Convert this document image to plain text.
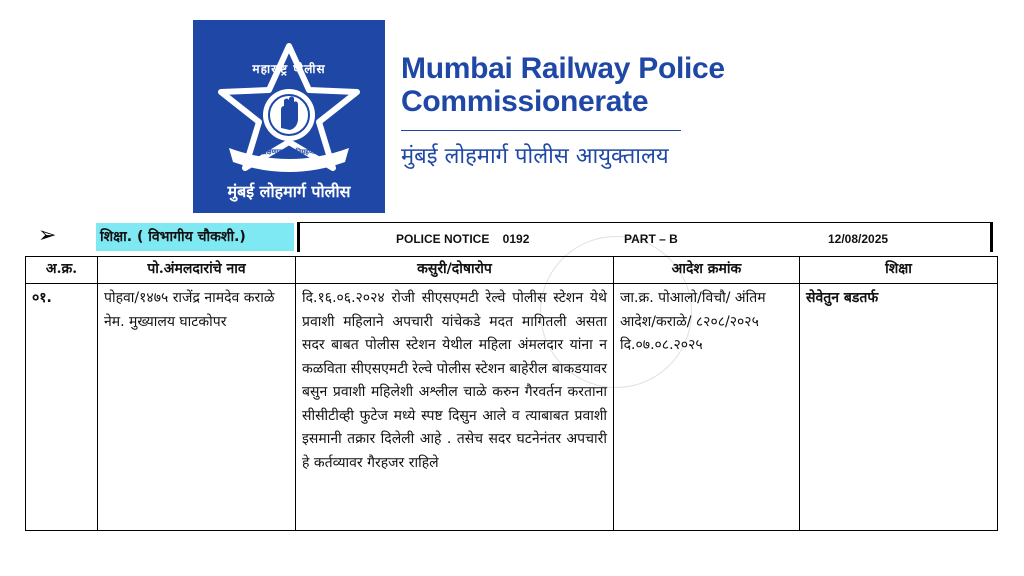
महाराष्ट्र पोलीस
सद्रक्षणाय खलनिग्रहणाय
मुंबई लोहमार्ग पोलीस
Mumbai Railway Police
Commissionerate
मुंबई लोहमार्ग पोलीस आयुक्तालय
➢	शिक्षा. ( विभागीय चौकशी.)	POLICE NOTICE    0192	PART – B	12/08/2025
अ.क्र.	पो.अंमलदारांचे नाव	कसुरी/दोषारोप	आदेश क्रमांक	शिक्षा
०१.	पोहवा/१४७५ राजेंद्र नामदेव कराळे नेम. मुख्यालय घाटकोपर	दि.१६.०६.२०२४ रोजी सीएसएमटी रेल्वे पोलीस स्टेशन येथे प्रवाशी महिलाने अपचारी यांचेकडे मदत मागितली असता सदर बाबत पोलीस स्टेशन येथील महिला अंमलदार यांना न कळविता सीएसएमटी रेल्वे पोलीस स्टेशन बाहेरील बाकडयावर बसुन प्रवाशी महिलेशी अश्लील चाळे करुन गैरवर्तन करताना सीसीटीव्ही फुटेज मध्ये स्पष्ट दिसुन आले व त्याबाबत प्रवाशी इसमानी तक्रार दिलेली आहे . तसेच सदर घटनेनंतर अपचारी हे कर्तव्यावर गैरहजर राहिले	जा.क्र. पोआलो/विचौ/ अंतिम आदेश/कराळे/ ८२०८/२०२५ दि.०७.०८.२०२५	सेवेतुन बडतर्फ
